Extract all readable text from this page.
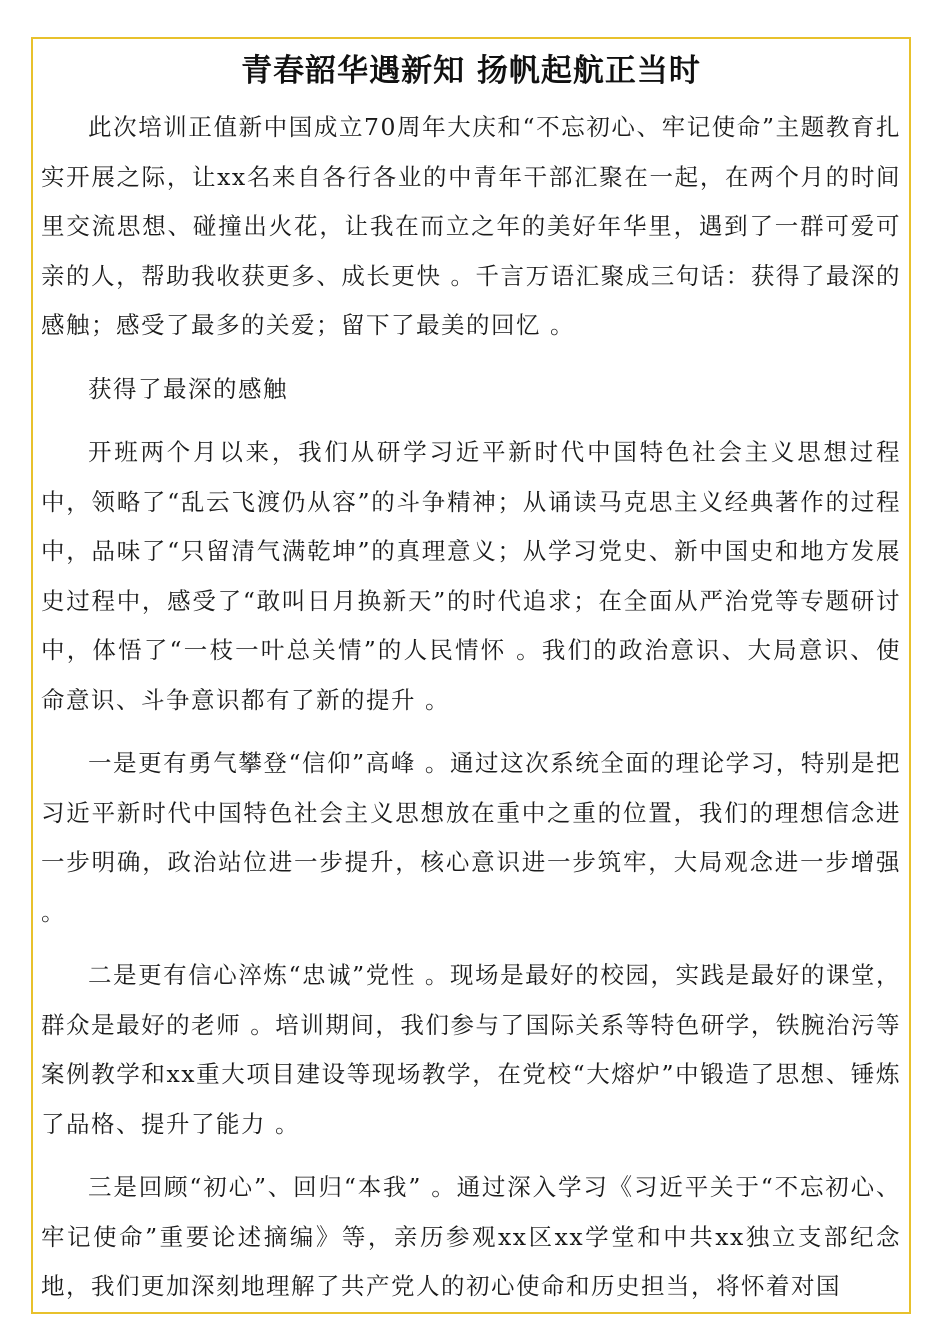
青春韶华遇新知 扬帆起航正当时

此次培训正值新中国成立70周年大庆和“不忘初心、牢记使命”主题教育扎实开展之际，让xx名来自各行各业的中青年干部汇聚在一起，在两个月的时间里交流思想、碰撞出火花，让我在而立之年的美好年华里，遇到了一群可爱可亲的人，帮助我收获更多、成长更快 。千言万语汇聚成三句话：获得了最深的感触；感受了最多的关爱；留下了最美的回忆 。

获得了最深的感触

开班两个月以来，我们从研学习近平新时代中国特色社会主义思想过程中，领略了“乱云飞渡仍从容”的斗争精神；从诵读马克思主义经典著作的过程中，品味了“只留清气满乾坤”的真理意义；从学习党史、新中国史和地方发展史过程中，感受了“敢叫日月换新天”的时代追求；在全面从严治党等专题研讨中，体悟了“一枝一叶总关情”的人民情怀 。我们的政治意识、大局意识、使命意识、斗争意识都有了新的提升 。

一是更有勇气攀登“信仰”高峰 。通过这次系统全面的理论学习，特别是把习近平新时代中国特色社会主义思想放在重中之重的位置，我们的理想信念进一步明确，政治站位进一步提升，核心意识进一步筑牢，大局观念进一步增强 。

二是更有信心淬炼“忠诚”党性 。现场是最好的校园，实践是最好的课堂，群众是最好的老师 。培训期间，我们参与了国际关系等特色研学，铁腕治污等案例教学和xx重大项目建设等现场教学，在党校“大熔炉”中锻造了思想、锤炼了品格、提升了能力 。

三是回顾“初心”、回归“本我” 。通过深入学习《习近平关于“不忘初心、牢记使命”重要论述摘编》等，亲历参观xx区xx学堂和中共xx独立支部纪念地，我们更加深刻地理解了共产党人的初心使命和历史担当，将怀着对国
